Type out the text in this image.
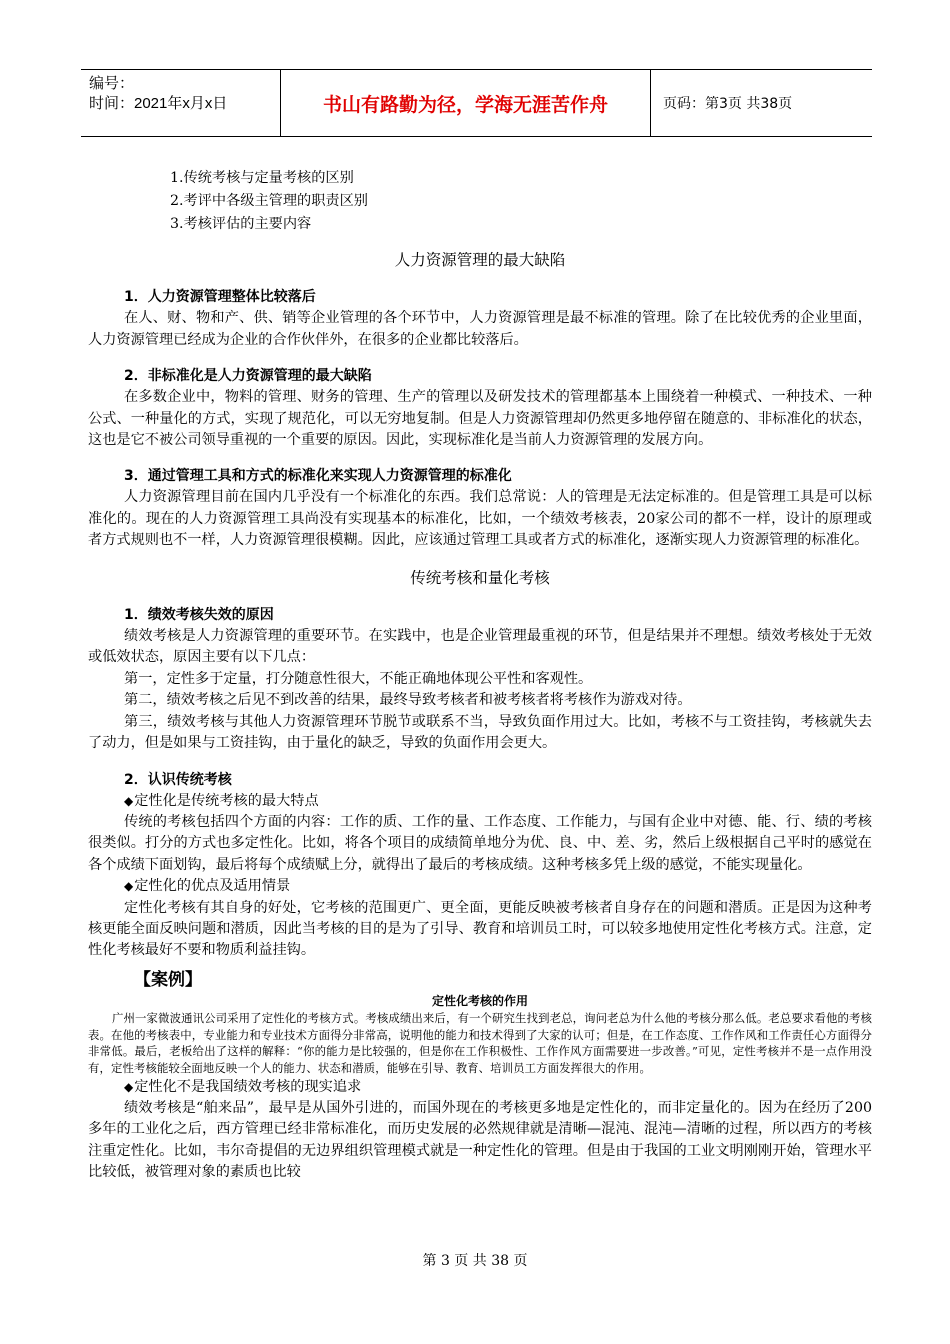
编号：
时间：2021年x月x日	书山有路勤为径，学海无涯苦作舟	页码：第3页 共38页
1.传统考核与定量考核的区别
2.考评中各级主管理的职责区别
3.考核评估的主要内容
人力资源管理的最大缺陷
1．人力资源管理整体比较落后

在人、财、物和产、供、销等企业管理的各个环节中，人力资源管理是最不标准的管理。除了在比较优秀的企业里面，人力资源管理已经成为企业的合作伙伴外，在很多的企业都比较落后。

2．非标准化是人力资源管理的最大缺陷

在多数企业中，物料的管理、财务的管理、生产的管理以及研发技术的管理都基本上围绕着一种模式、一种技术、一种公式、一种量化的方式，实现了规范化，可以无穷地复制。但是人力资源管理却仍然更多地停留在随意的、非标准化的状态，这也是它不被公司领导重视的一个重要的原因。因此，实现标准化是当前人力资源管理的发展方向。

3．通过管理工具和方式的标准化来实现人力资源管理的标准化

人力资源管理目前在国内几乎没有一个标准化的东西。我们总常说：人的管理是无法定标准的。但是管理工具是可以标准化的。现在的人力资源管理工具尚没有实现基本的标准化，比如，一个绩效考核表，20家公司的都不一样，设计的原理或者方式规则也不一样，人力资源管理很模糊。因此，应该通过管理工具或者方式的标准化，逐渐实现人力资源管理的标准化。

传统考核和量化考核
1．绩效考核失效的原因

绩效考核是人力资源管理的重要环节。在实践中，也是企业管理最重视的环节，但是结果并不理想。绩效考核处于无效或低效状态，原因主要有以下几点：

第一，定性多于定量，打分随意性很大，不能正确地体现公平性和客观性。

第二，绩效考核之后见不到改善的结果，最终导致考核者和被考核者将考核作为游戏对待。

第三，绩效考核与其他人力资源管理环节脱节或联系不当，导致负面作用过大。比如，考核不与工资挂钩，考核就失去了动力，但是如果与工资挂钩，由于量化的缺乏，导致的负面作用会更大。

2．认识传统考核
◆定性化是传统考核的最大特点

传统的考核包括四个方面的内容：工作的质、工作的量、工作态度、工作能力，与国有企业中对德、能、行、绩的考核很类似。打分的方式也多定性化。比如，将各个项目的成绩简单地分为优、良、中、差、劣，然后上级根据自己平时的感觉在各个成绩下面划钩，最后将每个成绩赋上分，就得出了最后的考核成绩。这种考核多凭上级的感觉，不能实现量化。

◆定性化的优点及适用情景

定性化考核有其自身的好处，它考核的范围更广、更全面，更能反映被考核者自身存在的问题和潜质。正是因为这种考核更能全面反映问题和潜质，因此当考核的目的是为了引导、教育和培训员工时，可以较多地使用定性化考核方式。注意，定性化考核最好不要和物质利益挂钩。

【案例】
定性化考核的作用

广州一家微波通讯公司采用了定性化的考核方式。考核成绩出来后，有一个研究生找到老总，询问老总为什么他的考核分那么低。老总要求看他的考核表。在他的考核表中，专业能力和专业技术方面得分非常高，说明他的能力和技术得到了大家的认可；但是，在工作态度、工作作风和工作责任心方面得分非常低。最后，老板给出了这样的解释：“你的能力是比较强的，但是你在工作积极性、工作作风方面需要进一步改善。”可见，定性考核并不是一点作用没有，定性考核能较全面地反映一个人的能力、状态和潜质，能够在引导、教育、培训员工方面发挥很大的作用。

◆定性化不是我国绩效考核的现实追求

绩效考核是“舶来品”，最早是从国外引进的，而国外现在的考核更多地是定性化的，而非定量化的。因为在经历了200多年的工业化之后，西方管理已经非常标准化，而历史发展的必然规律就是清晰—混沌、混沌—清晰的过程，所以西方的考核注重定性化。比如，韦尔奇提倡的无边界组织管理模式就是一种定性化的管理。但是由于我国的工业文明刚刚开始，管理水平比较低，被管理对象的素质也比较

第 3 页 共 38 页
